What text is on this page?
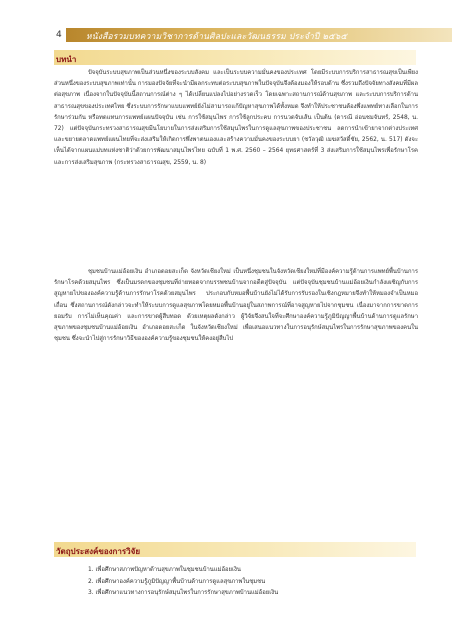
4	หนังสือรวมบทความวิชาการด้านศิลปะและวัฒนธรรม ประจำปี ๒๕๖๕
บทนำ

ปัจจุบันระบบสุขภาพเป็นส่วนหนึ่งของระบบสังคม และเป็นระบบความมั่นคงของประเทศ โดยมีระบบการบริการสาธารณสุขเป็นเพียงส่วนหนึ่งของระบบสุขภาพเท่านั้น การมองปัจจัยที่จะนำมีผลกระทบต่อระบบสุขภาพในปัจจุบันจึงต้องมองให้รอบด้าน ซึ่งรวมถึงปัจจัยทางสังคมที่มีผลต่อสุขภาพ เนื่องจากในปัจจุบันนี้สถานการณ์ต่าง ๆ ได้เปลี่ยนแปลงไปอย่างรวดเร็ว โดยเฉพาะสถานการณ์ด้านสุขภาพ และระบบการบริการด้านสาธารณสุขของประเทศไทย ซึ่งระบบการรักษาแบบแพทย์ยังไม่สามารถแก้ปัญหาสุขภาพได้ทั้งหมด จึงทำให้ประชาชนต้องพึ่งแพทย์ทางเลือกในการรักษาร่วมกัน หรือทดแทนการแพทย์แผนปัจจุบัน เช่น การใช้สมุนไพร การใช้ลูกประคบ การนวดจับเส้น เป็นต้น (ดารณี อ่อนชมจันทร์, 2548, น. 72) แต่ปัจจุบันกระทรวงสาธารณสุขมีนโยบายในการส่งเสริมการใช้สมุนไพรในการดูแลสุขภาพของประชาชน ลดการนำเข้ายาจากต่างประเทศ และขยายตลาดแพทย์แผนไทยที่จะส่งเสริมให้เกิดการพึ่งพาตนเองและสร้างความมั่นคงของระบบยา (ชวัลวุฒิ เมฆสวัสดิ์ชัย, 2562, น. 517) ดังจะเห็นได้จากแผนแม่บทแห่งชาติว่าด้วยการพัฒนาสมุนไพรไทย ฉบับที่ 1 พ.ศ. 2560 – 2564 ยุทธศาสตร์ที่ 3 ส่งเสริมการใช้สมุนไพรเพื่อรักษาโรคและการส่งเสริมสุขภาพ (กระทรวงสาธารณสุข, 2559, น. 8)

ชุมชนบ้านแม่อ้อยเงิน อำเภอดอยสะเก็ด จังหวัดเชียงใหม่ เป็นหนึ่งชุมชนในจังหวัดเชียงใหม่ที่มีองค์ความรู้ด้านการแพทย์พื้นบ้านการรักษาโรคด้วยสมุนไพร ซึ่งเป็นมรดกของชุมชนที่ถ่ายทอดจากบรรพชนบ้านจากอดีตสู่ปัจจุบัน แต่ปัจจุบันชุมชนบ้านแม่อ้อยเงินกำลังเผชิญกับการสูญหายไปขององค์ความรู้ด้านการรักษาโรคด้วยสมุนไพร ประกอบกับหมอพื้นบ้านยังไม่ได้รับการรับรองในเชิงกฎหมายจึงทำให้หมองจำเป็นหมอเถื่อน ซึ่งสถานการณ์ดังกล่าวจะทำให้ระบบการดูแลสุขภาพโดยหมอพื้นบ้านอยู่ในสภาพการณ์ที่อาจสูญหายไปจากชุมชน เนื่องมาจากการขาดการยอมรับ การไม่เห็นคุณค่า และการขาดผู้สืบทอด ด้วยเหตุผลดังกล่าว ผู้วิจัยจึงสนใจที่จะศึกษาองค์ความรู้ภูมิปัญญาพื้นบ้านด้านการดูแลรักษาสุขภาพของชุมชนบ้านแม่อ้อยเงิน อำเภอดอยสะเก็ด ในจังหวัดเชียงใหม่ เพื่อเสนอแนวทางในการอนุรักษ์สมุนไพรในการรักษาสุขภาพของคนในชุมชน ซึ่งจะนำไปสู่การรักษาวิธีขององค์ความรู้ของชุมชนให้คงอยู่สืบไป

วัตถุประสงค์ของการวิจัย
1. เพื่อศึกษาสภาพปัญหาด้านสุขภาพในชุมชนบ้านแม่อ้อยเงิน
2. เพื่อศึกษาองค์ความรู้ภูมิปัญญาพื้นบ้านด้านการดูแลสุขภาพในชุมชน
3. เพื่อศึกษาแนวทางการอนุรักษ์สมุนไพรในการรักษาสุขภาพบ้านแม่อ้อยเงิน
